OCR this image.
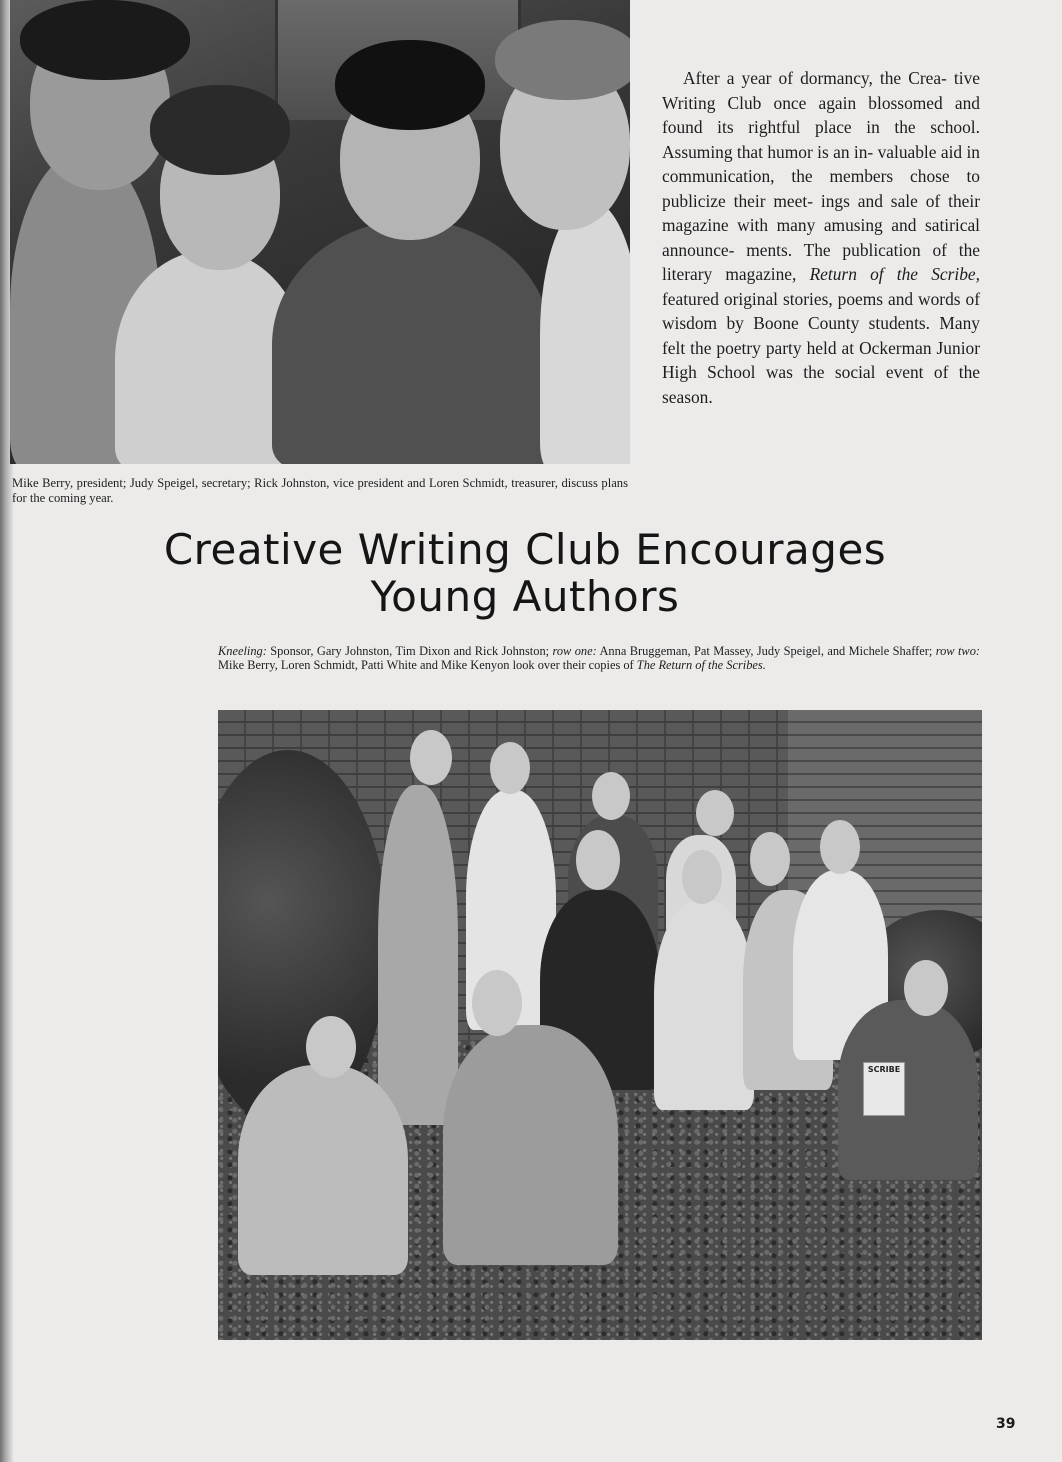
After a year of dormancy, the Crea- tive Writing Club once again blossomed and found its rightful place in the school. Assuming that humor is an in- valuable aid in communication, the members chose to publicize their meet- ings and sale of their magazine with many amusing and satirical announce- ments. The publication of the literary magazine, Return of the Scribe, featured original stories, poems and words of wisdom by Boone County students. Many felt the poetry party held at Ockerman Junior High School was the social event of the season.
Mike Berry, president; Judy Speigel, secretary; Rick Johnston, vice president and Loren Schmidt, treasurer, discuss plans for the coming year.
Creative Writing Club Encourages
Young Authors
Kneeling: Sponsor, Gary Johnston, Tim Dixon and Rick Johnston; row one: Anna Bruggeman, Pat Massey, Judy Speigel, and Michele Shaffer; row two: Mike Berry, Loren Schmidt, Patti White and Mike Kenyon look over their copies of The Return of the Scribes.
SCRIBE
39
